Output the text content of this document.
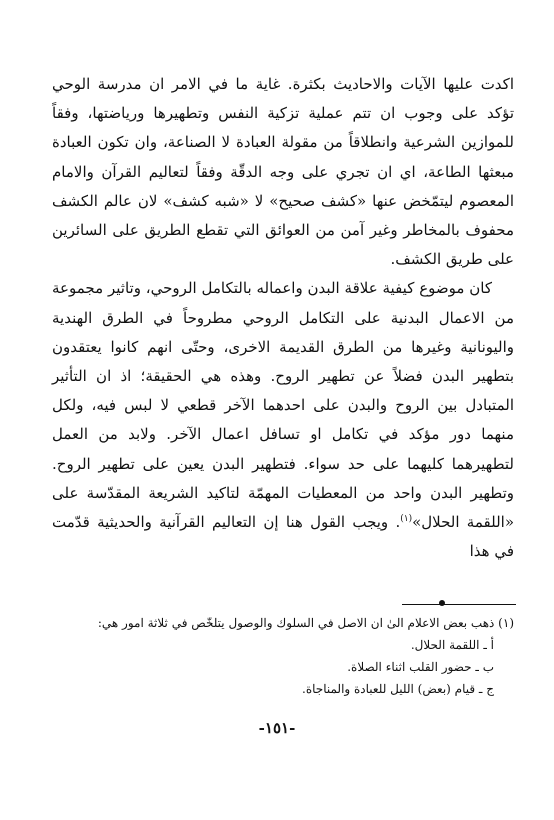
اكدت عليها الآيات والاحاديث بكثرة. غاية ما في الامر ان مدرسة الوحي تؤكد على وجوب ان تتم عملية تزكية النفس وتطهيرها ورياضتها، وفقاً للموازين الشرعية وانطلاقاً من مقولة العبادة لا الصناعة، وان تكون العبادة مبعثها الطاعة، اي ان تجري على وجه الدقّة وفقاً لتعاليم القرآن والامام المعصوم ليتمّخض عنها «كشف صحيح» لا «شبه كشف» لان عالم الكشف محفوف بالمخاطر وغير آمن من العوائق التي تقطع الطريق على السائرين على طريق الكشف.

كان موضوع كيفية علاقة البدن واعماله بالتكامل الروحي، وتاثير مجموعة من الاعمال البدنية على التكامل الروحي مطروحاً في الطرق الهندية واليونانية وغيرها من الطرق القديمة الاخرى، وحتّى انهم كانوا يعتقدون بتطهير البدن فضلاً عن تطهير الروح. وهذه هي الحقيقة؛ اذ ان التأثير المتبادل بين الروح والبدن على احدهما الآخر قطعي لا لبس فيه، ولكل منهما دور مؤكد في تكامل او تسافل اعمال الآخر. ولابد من العمل لتطهيرهما كليهما على حد سواء. فتطهير البدن يعين على تطهير الروح. وتطهير البدن واحد من المعطيات المهمّة لتاكيد الشريعة المقدّسة على «اللقمة الحلال»$^{(١)}$. ويجب القول هنا إن التعاليم القرآنية والحديثية قدّمت في هذا

(١) ذهب بعض الاعلام الىٰ ان الاصل في السلوك والوصول يتلخّص في ثلاثة امور هي:
أ ـ اللقمة الحلال.
ب ـ حضور القلب اثناء الصلاة.
ج ـ قيام (بعض) الليل للعبادة والمناجاة.
-١٥١-
